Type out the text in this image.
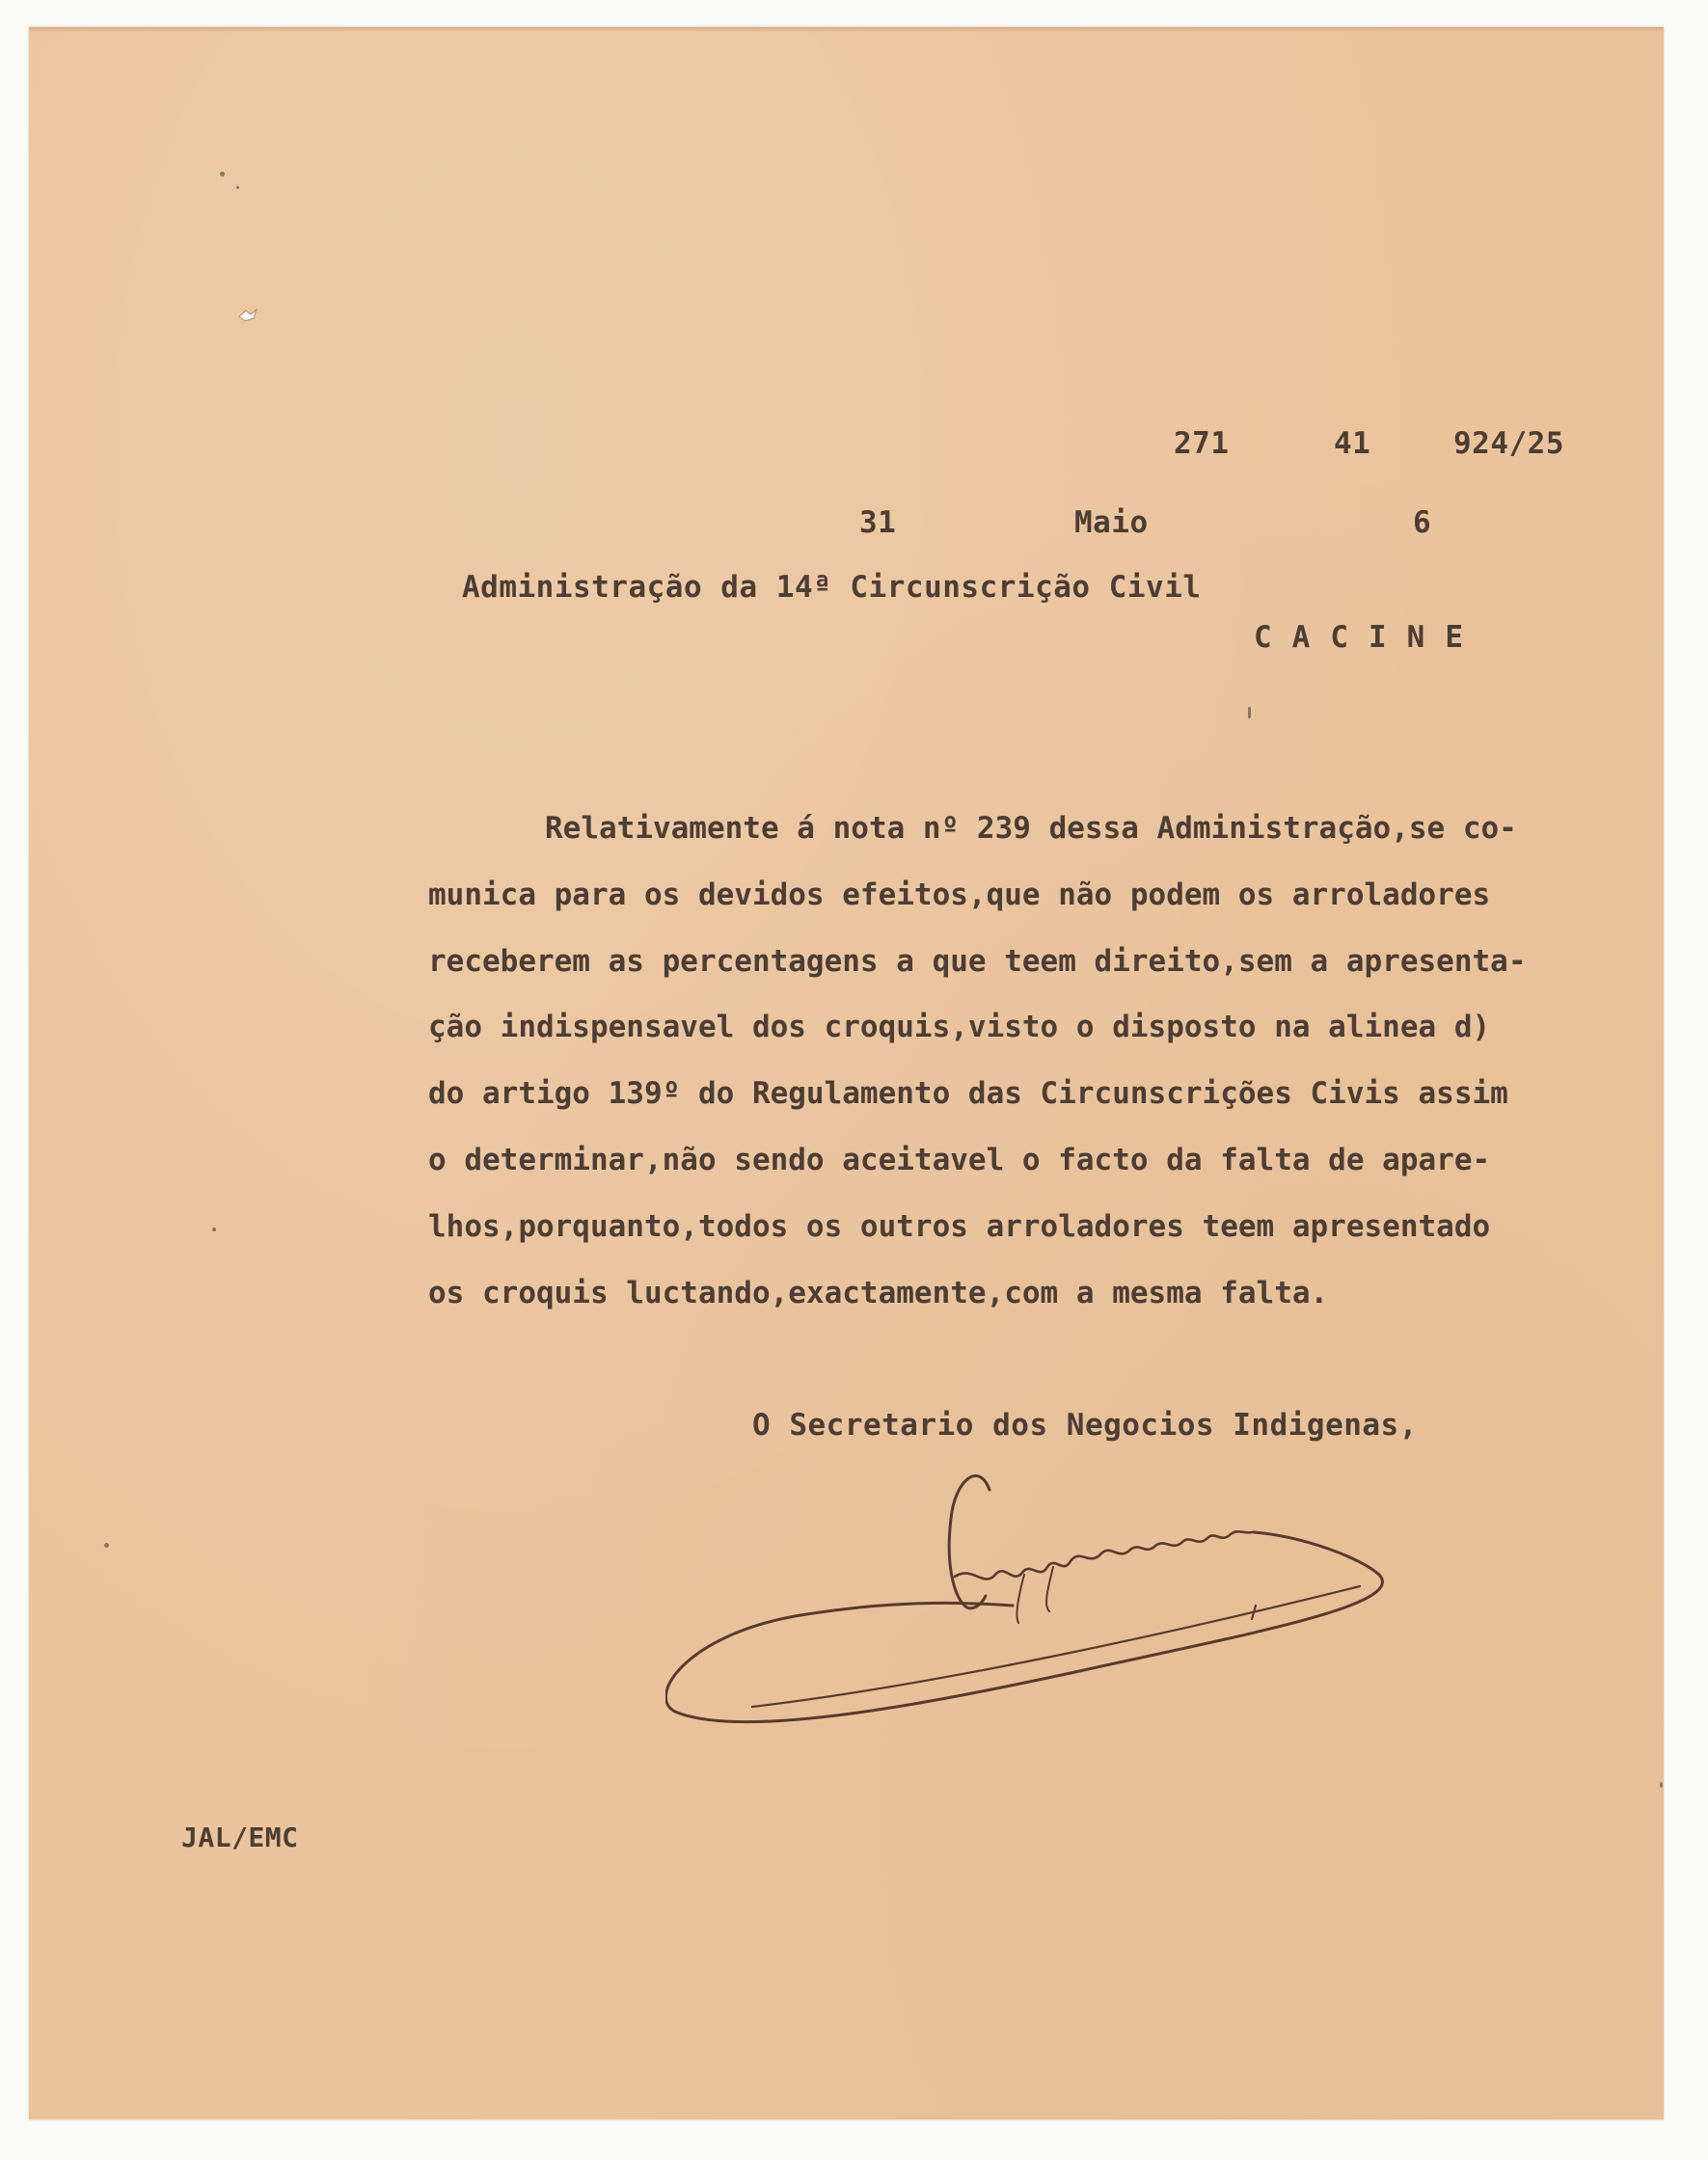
271	41	924/25
31	Maio	6
Administração da 14ª Circunscrição Civil
CACINE
Relativamente á nota nº 239 dessa Administração,se co-
munica para os devidos efeitos,que não podem os arroladores
receberem as percentagens a que teem direito,sem a apresenta-
ção indispensavel dos croquis,visto o disposto na alinea d)
do artigo 139º do Regulamento das Circunscrições Civis assim
o determinar,não sendo aceitavel o facto da falta de apare-
lhos,porquanto,todos os outros arroladores teem apresentado
os croquis luctando,exactamente,com a mesma falta.
O Secretario dos Negocios Indigenas,
JAL/EMC
